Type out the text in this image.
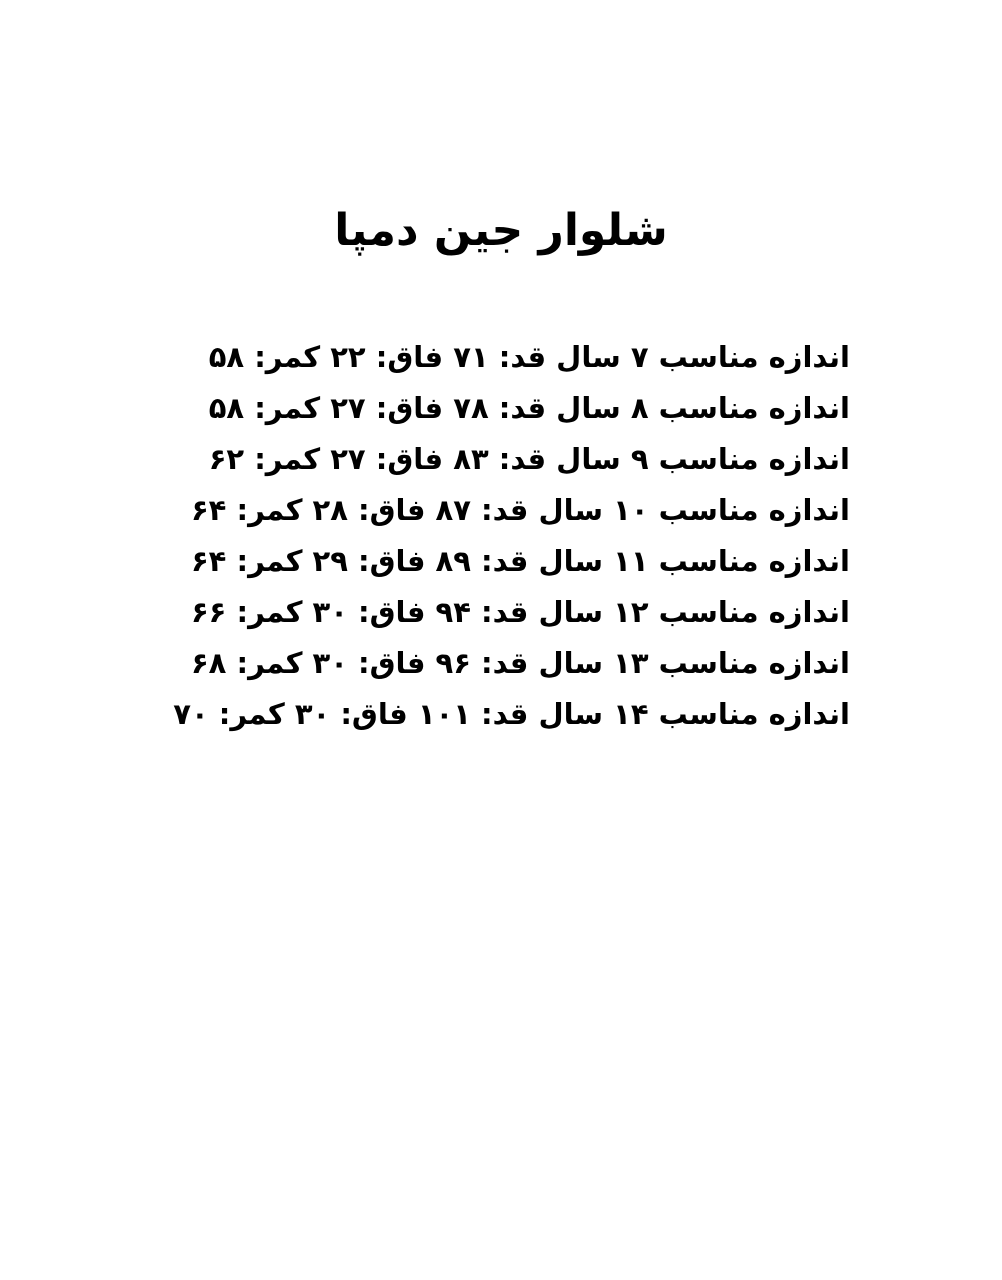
شلوار جین دمپا
اندازه مناسب ۷ سال قد: ۷۱ فاق: ۲۲ کمر: ۵۸
اندازه مناسب ۸ سال قد: ۷۸ فاق: ۲۷ کمر: ۵۸
اندازه مناسب ۹ سال قد: ۸۳ فاق: ۲۷ کمر: ۶۲
اندازه مناسب ۱۰ سال قد: ۸۷ فاق: ۲۸ کمر: ۶۴
اندازه مناسب ۱۱ سال قد: ۸۹ فاق: ۲۹ کمر: ۶۴
اندازه مناسب ۱۲ سال قد: ۹۴ فاق: ۳۰ کمر: ۶۶
اندازه مناسب ۱۳ سال قد: ۹۶ فاق: ۳۰ کمر: ۶۸
اندازه مناسب ۱۴ سال قد: ۱۰۱ فاق: ۳۰ کمر: ۷۰
